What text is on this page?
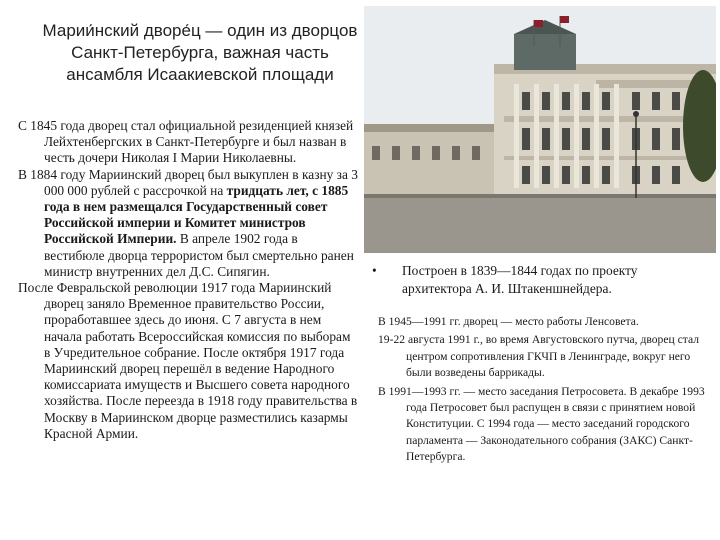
Марии́нский дворе́ц — один из дворцов Санкт-Петербурга, важная часть ансамбля Исаакиевской площади

С 1845 года дворец стал официальной резиденцией князей Лейхтенбергских в Санкт-Петербурге и был назван в честь дочери Николая I Марии Николаевны.

В 1884 году Мариинский дворец был выкуплен в казну за 3 000 000 рублей с рассрочкой на тридцать лет, с 1885 года в нем размещался Государственный совет Российской империи и Комитет министров Российской Империи. В апреле 1902 года в вестибюле дворца террористом был смертельно ранен министр внутренних дел Д.С. Сипягин.

После Февральской революции 1917 года Мариинский дворец заняло Временное правительство России, проработавшее здесь до июня. С 7 августа в нем начала работать Всероссийская комиссия по выборам в Учредительное собрание. После октября 1917 года Мариинский дворец перешёл в ведение Народного комиссариата имуществ и Высшего совета народного хозяйства. После переезда в 1918 году правительства в Москву в Мариинском дворце разместились казармы Красной Армии.

• Построен в 1839—1844 годах по проекту архитектора А. И. Штакеншнейдера.

В 1945—1991 гг. дворец — место работы Ленсовета.

19-22 августа 1991 г., во время Августовского путча, дворец стал центром сопротивления ГКЧП в Ленинграде, вокруг него были возведены баррикады.

В 1991—1993 гг. — место заседания Петросовета. В декабре 1993 года Петросовет был распущен в связи с принятием новой Конституции. С 1994 года — место заседаний городского парламента — Законодательного собрания (ЗАКС) Санкт-Петербурга.
